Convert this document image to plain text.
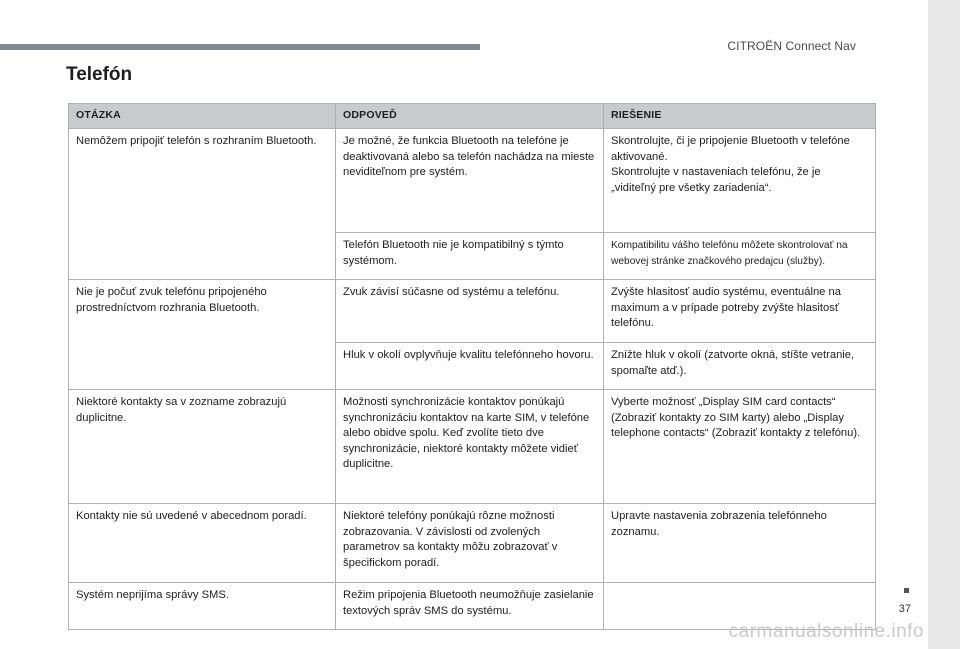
CITROËN Connect Nav
Telefón
OTÁZKA	ODPOVEĎ	RIEŠENIE
Nemôžem pripojiť telefón s rozhraním Bluetooth.	Je možné, že funkcia Bluetooth na telefóne je deaktivovaná alebo sa telefón nachádza na mieste neviditeľnom pre systém.	Skontrolujte, či je pripojenie Bluetooth v telefóne aktivované.
Skontrolujte v nastaveniach telefónu, že je „viditeľný pre všetky zariadenia“.

	Telefón Bluetooth nie je kompatibilný s týmto systémom.	Kompatibilitu vášho telefónu môžete skontrolovať na webovej stránke značkového predajcu (služby).
Nie je počuť zvuk telefónu pripojeného prostredníctvom rozhrania Bluetooth.	Zvuk závisí súčasne od systému a telefónu.	Zvýšte hlasitosť audio systému, eventuálne na maximum a v prípade potreby zvýšte hlasitosť telefónu.
	Hluk v okolí ovplyvňuje kvalitu telefónneho hovoru.	Znížte hluk v okolí (zatvorte okná, stíšte vetranie, spomaľte atď.).
Niektoré kontakty sa v zozname zobrazujú duplicitne.	Možnosti synchronizácie kontaktov ponúkajú synchronizáciu kontaktov na karte SIM, v telefóne alebo obidve spolu. Keď zvolíte tieto dve synchronizácie, niektoré kontakty môžete vidieť duplicitne.	Vyberte možnosť „Display SIM card contacts“ (Zobraziť kontakty zo SIM karty) alebo „Display telephone contacts“ (Zobraziť kontakty z telefónu).
Kontakty nie sú uvedené v abecednom poradí.	Niektoré telefóny ponúkajú rôzne možnosti zobrazovania. V závislosti od zvolených parametrov sa kontakty môžu zobrazovať v špecifickom poradí.	Upravte nastavenia zobrazenia telefónneho zoznamu.
Systém neprijíma správy SMS.	Režim pripojenia Bluetooth neumožňuje zasielanie textových správ SMS do systému.		37
carmanualsonline.info
